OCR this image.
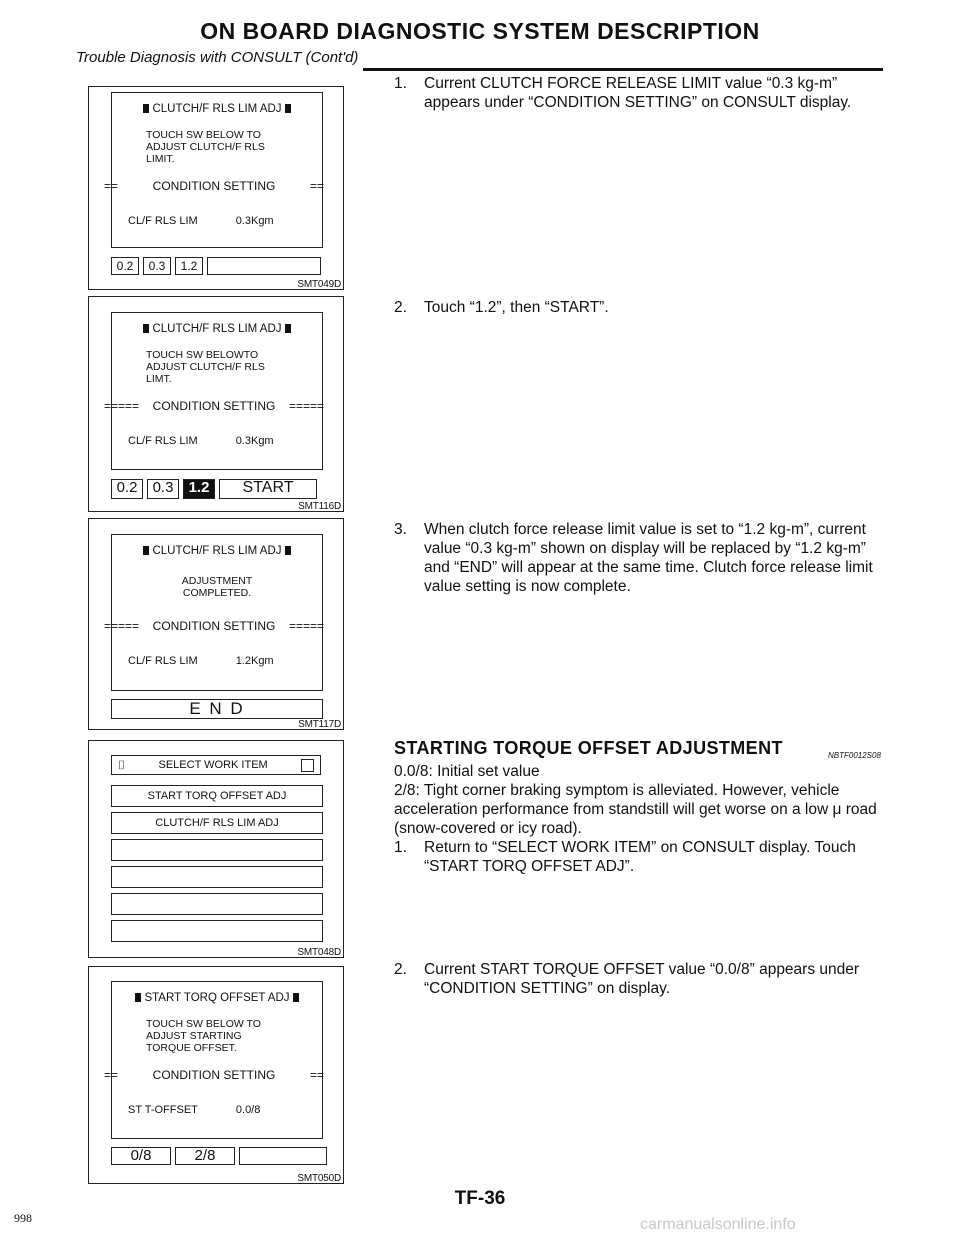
ON BOARD DIAGNOSTIC SYSTEM DESCRIPTION
Trouble Diagnosis with CONSULT (Cont'd)
CLUTCH/F RLS LIM ADJ
TOUCH SW BELOW TO
ADJUST CLUTCH/F RLS
LIMIT.
==	CONDITION SETTING	==
CL/F RLS LIM	0.3Kgm
0.2	0.3	1.2
SMT049D
CLUTCH/F RLS LIM ADJ
TOUCH SW BELOWTO
ADJUST CLUTCH/F RLS
LIMT.
===== CONDITION SETTING =====
CL/F RLS LIM	0.3Kgm
0.2	0.3	1.2	START
SMT116D
CLUTCH/F RLS LIM ADJ
ADJUSTMENT
COMPLETED.
===== CONDITION SETTING =====
CL/F RLS LIM	1.2Kgm
E N D
SMT117D
⌷	SELECT WORK ITEM
START TORQ OFFSET ADJ
CLUTCH/F RLS LIM ADJ
SMT048D
START TORQ OFFSET ADJ
TOUCH SW BELOW TO
ADJUST STARTING
TORQUE OFFSET.
==	CONDITION SETTING	==
ST T-OFFSET	0.0/8
0/8	2/8
SMT050D
1. Current CLUTCH FORCE RELEASE LIMIT value “0.3 kg-m” appears under “CONDITION SETTING” on CONSULT display.
2. Touch “1.2”, then “START”.
3. When clutch force release limit value is set to “1.2 kg-m”, current value “0.3 kg-m” shown on display will be replaced by “1.2 kg-m” and “END” will appear at the same time. Clutch force release limit value setting is now complete.
STARTING TORQUE OFFSET ADJUSTMENT	NBTF0012S08
0.0/8: Initial set value
2/8: Tight corner braking symptom is alleviated. However, vehicle acceleration performance from standstill will get worse on a low μ road (snow-covered or icy road).
1. Return to “SELECT WORK ITEM” on CONSULT display. Touch “START TORQ OFFSET ADJ”.
2. Current START TORQUE OFFSET value “0.0/8” appears under “CONDITION SETTING” on display.
TF-36
998	carmanualsonline.info
